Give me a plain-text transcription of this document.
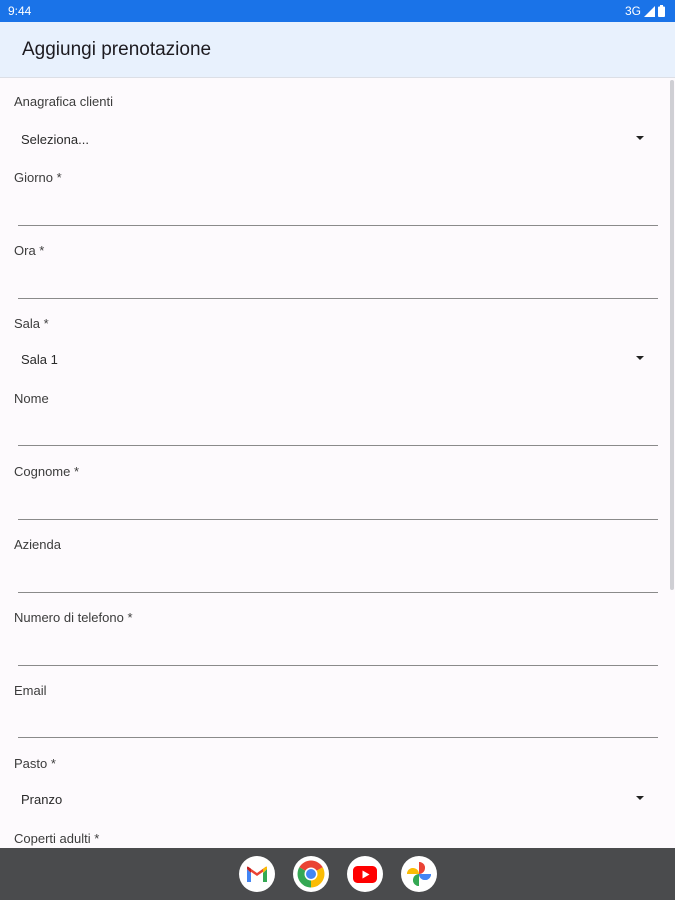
9:44	3G
Aggiungi prenotazione
Anagrafica clienti
Seleziona...
Giorno *
Ora *
Sala *
Sala 1
Nome
Cognome *
Azienda
Numero di telefono *
Email
Pasto *
Pranzo
Coperti adulti *
